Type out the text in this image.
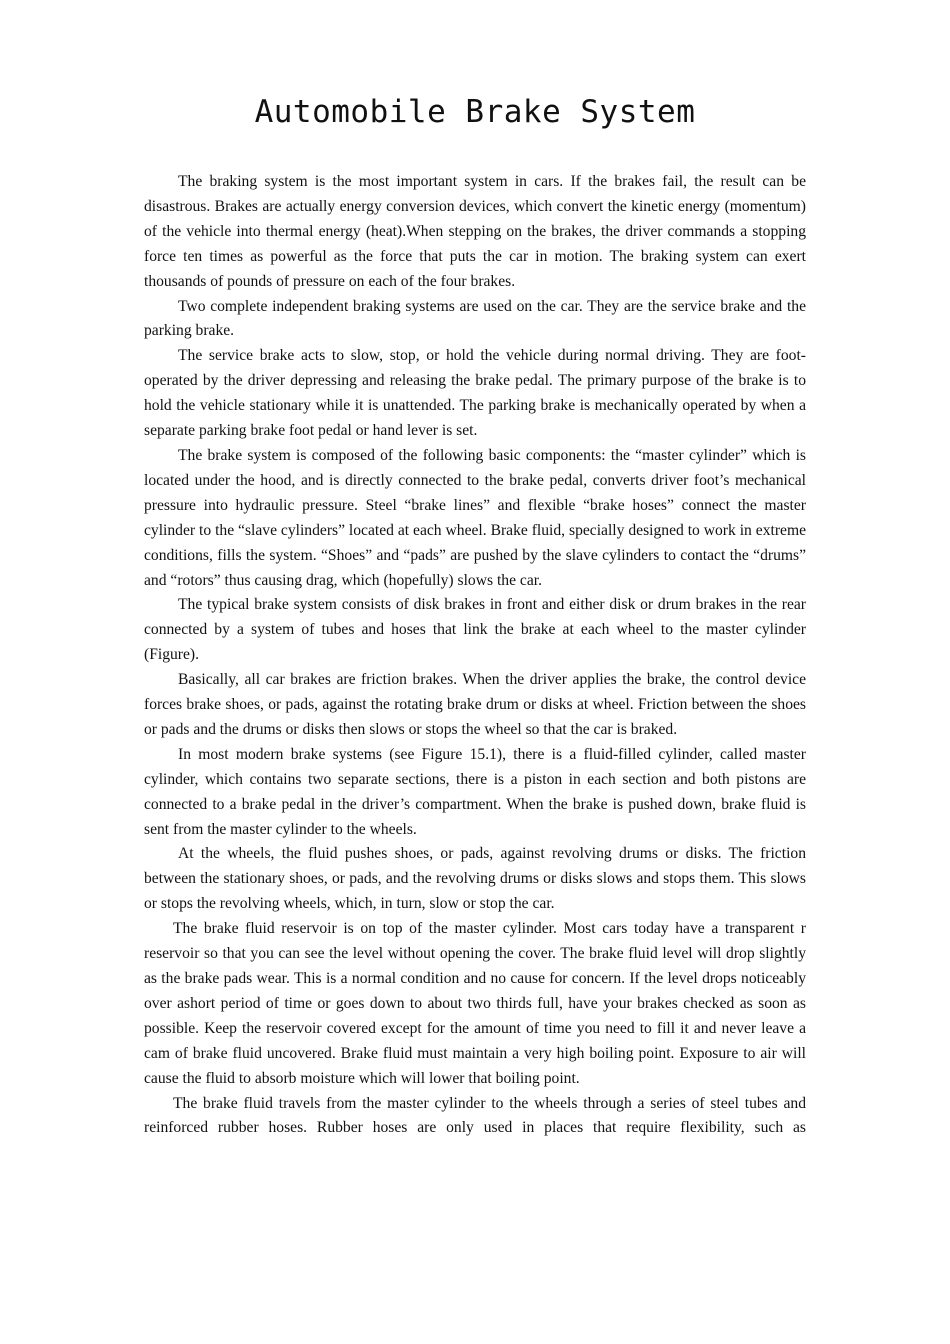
Automobile Brake System

The braking system is the most important system in cars. If the brakes fail, the result can be disastrous. Brakes are actually energy conversion devices, which convert the kinetic energy (momentum) of the vehicle into thermal energy (heat).When stepping on the brakes, the driver commands a stopping force ten times as powerful as the force that puts the car in motion. The braking system can exert thousands of pounds of pressure on each of the four brakes.

Two complete independent braking systems are used on the car. They are the service brake and the parking brake.

The service brake acts to slow, stop, or hold the vehicle during normal driving. They are foot-operated by the driver depressing and releasing the brake pedal. The primary purpose of the brake is to hold the vehicle stationary while it is unattended. The parking brake is mechanically operated by when a separate parking brake foot pedal or hand lever is set.

The brake system is composed of the following basic components: the “master cylinder” which is located under the hood, and is directly connected to the brake pedal, converts driver foot’s mechanical pressure into hydraulic pressure. Steel “brake lines” and flexible “brake hoses” connect the master cylinder to the “slave cylinders” located at each wheel. Brake fluid, specially designed to work in extreme conditions, fills the system. “Shoes” and “pads” are pushed by the slave cylinders to contact the “drums” and “rotors” thus causing drag, which (hopefully) slows the car.

The typical brake system consists of disk brakes in front and either disk or drum brakes in the rear connected by a system of tubes and hoses that link the brake at each wheel to the master cylinder (Figure).

Basically, all car brakes are friction brakes. When the driver applies the brake, the control device forces brake shoes, or pads, against the rotating brake drum or disks at wheel. Friction between the shoes or pads and the drums or disks then slows or stops the wheel so that the car is braked.

In most modern brake systems (see Figure 15.1), there is a fluid-filled cylinder, called master cylinder, which contains two separate sections, there is a piston in each section and both pistons are connected to a brake pedal in the driver’s compartment. When the brake is pushed down, brake fluid is sent from the master cylinder to the wheels.

At the wheels, the fluid pushes shoes, or pads, against revolving drums or disks. The friction between the stationary shoes, or pads, and the revolving drums or disks slows and stops them. This slows or stops the revolving wheels, which, in turn, slow or stop the car.

The brake fluid reservoir is on top of the master cylinder. Most cars today have a transparent r reservoir so that you can see the level without opening the cover. The brake fluid level will drop slightly as the brake pads wear. This is a normal condition and no cause for concern. If the level drops noticeably over ashort period of time or goes down to about two thirds full, have your brakes checked as soon as possible. Keep the reservoir covered except for the amount of time you need to fill it and never leave a cam of brake fluid uncovered. Brake fluid must maintain a very high boiling point. Exposure to air will cause the fluid to absorb moisture which will lower that boiling point.

The brake fluid travels from the master cylinder to the wheels through a series of steel tubes and reinforced rubber hoses. Rubber hoses are only used in places that require flexibility, such as
